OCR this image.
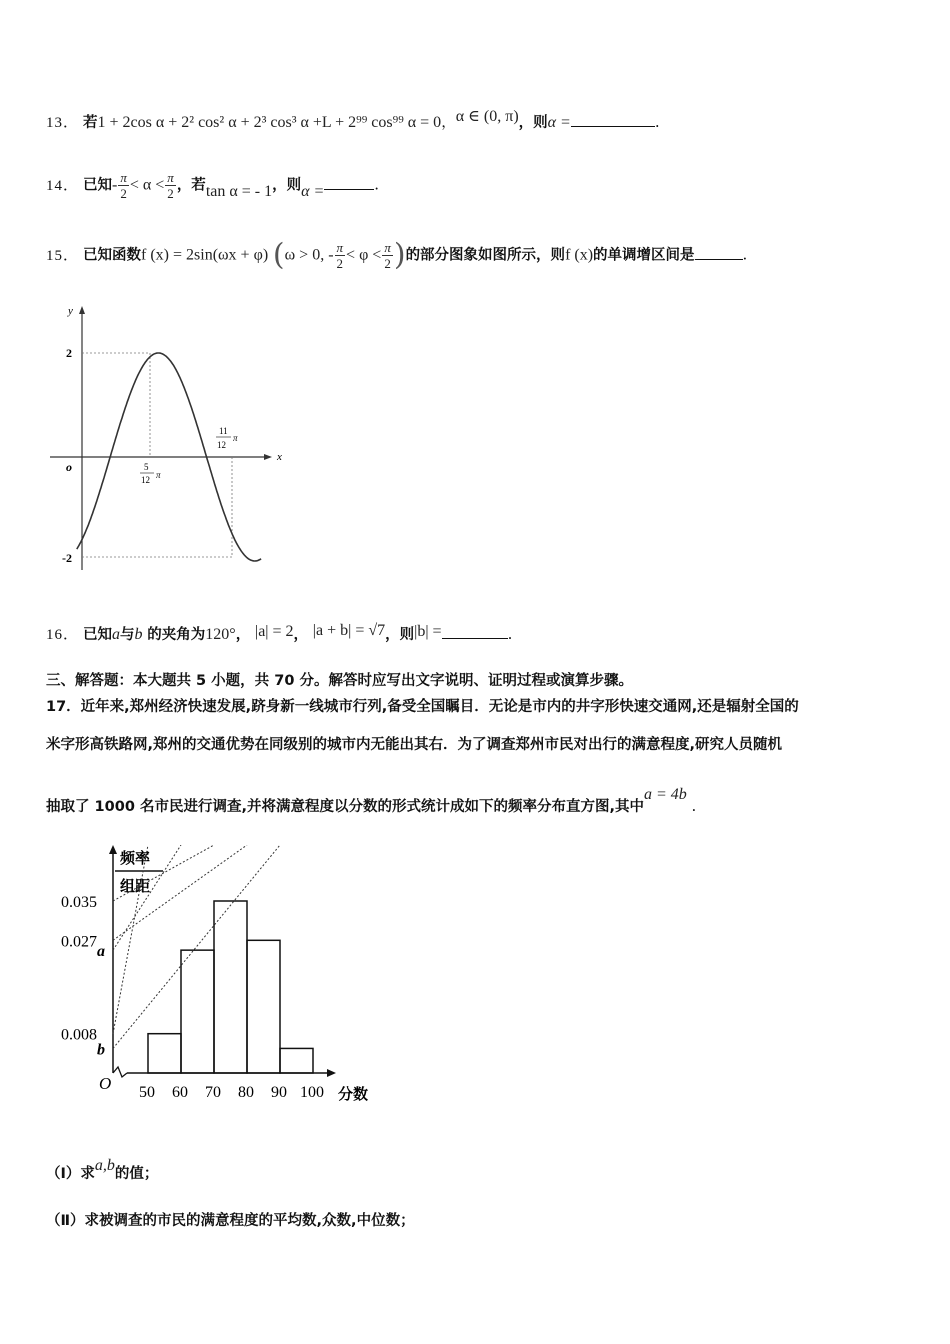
13． 若1 + 2cos α + 2² cos² α + 2³ cos³ α +L + 2⁹⁹ cos⁹⁹ α = 0，α ∈ (0, π)，则α =	.
14． 已知- $\frac{\pi}{2} < \alpha < \frac{\pi}{2}$ ，若tan α = - 1，则α =	.
15． 已知函数f (x) = 2sin(ωx + φ) (ω > 0, - $\frac{\pi}{2} < \varphi < \frac{\pi}{2}$ )的部分图象如图所示，则f (x)的单调增区间是	.
y
x
o
2
-2
5
12 π
11
12
π
16． 已知a与b 的夹角为120°， |a| = 2， |a + b| = √7，则|b| =	.
三、解答题：本大题共 5 小题，共 70 分。解答时应写出文字说明、证明过程或演算步骤。
17．近年来,郑州经济快速发展,跻身新一线城市行列,备受全国瞩目．无论是市内的井字形快速交通网,还是辐射全国的
米字形高铁路网,郑州的交通优势在同级别的城市内无能出其右．为了调查郑州市民对出行的满意程度,研究人员随机
抽取了 1000 名市民进行调查,并将满意程度以分数的形式统计成如下的频率分布直方图,其中a = 4b .
频率
组距
O
分数
0.035
0.027
a
0.008
b
50 60 70 80 90 100
（I）求a,b的值；
（Ⅱ）求被调查的市民的满意程度的平均数,众数,中位数；
